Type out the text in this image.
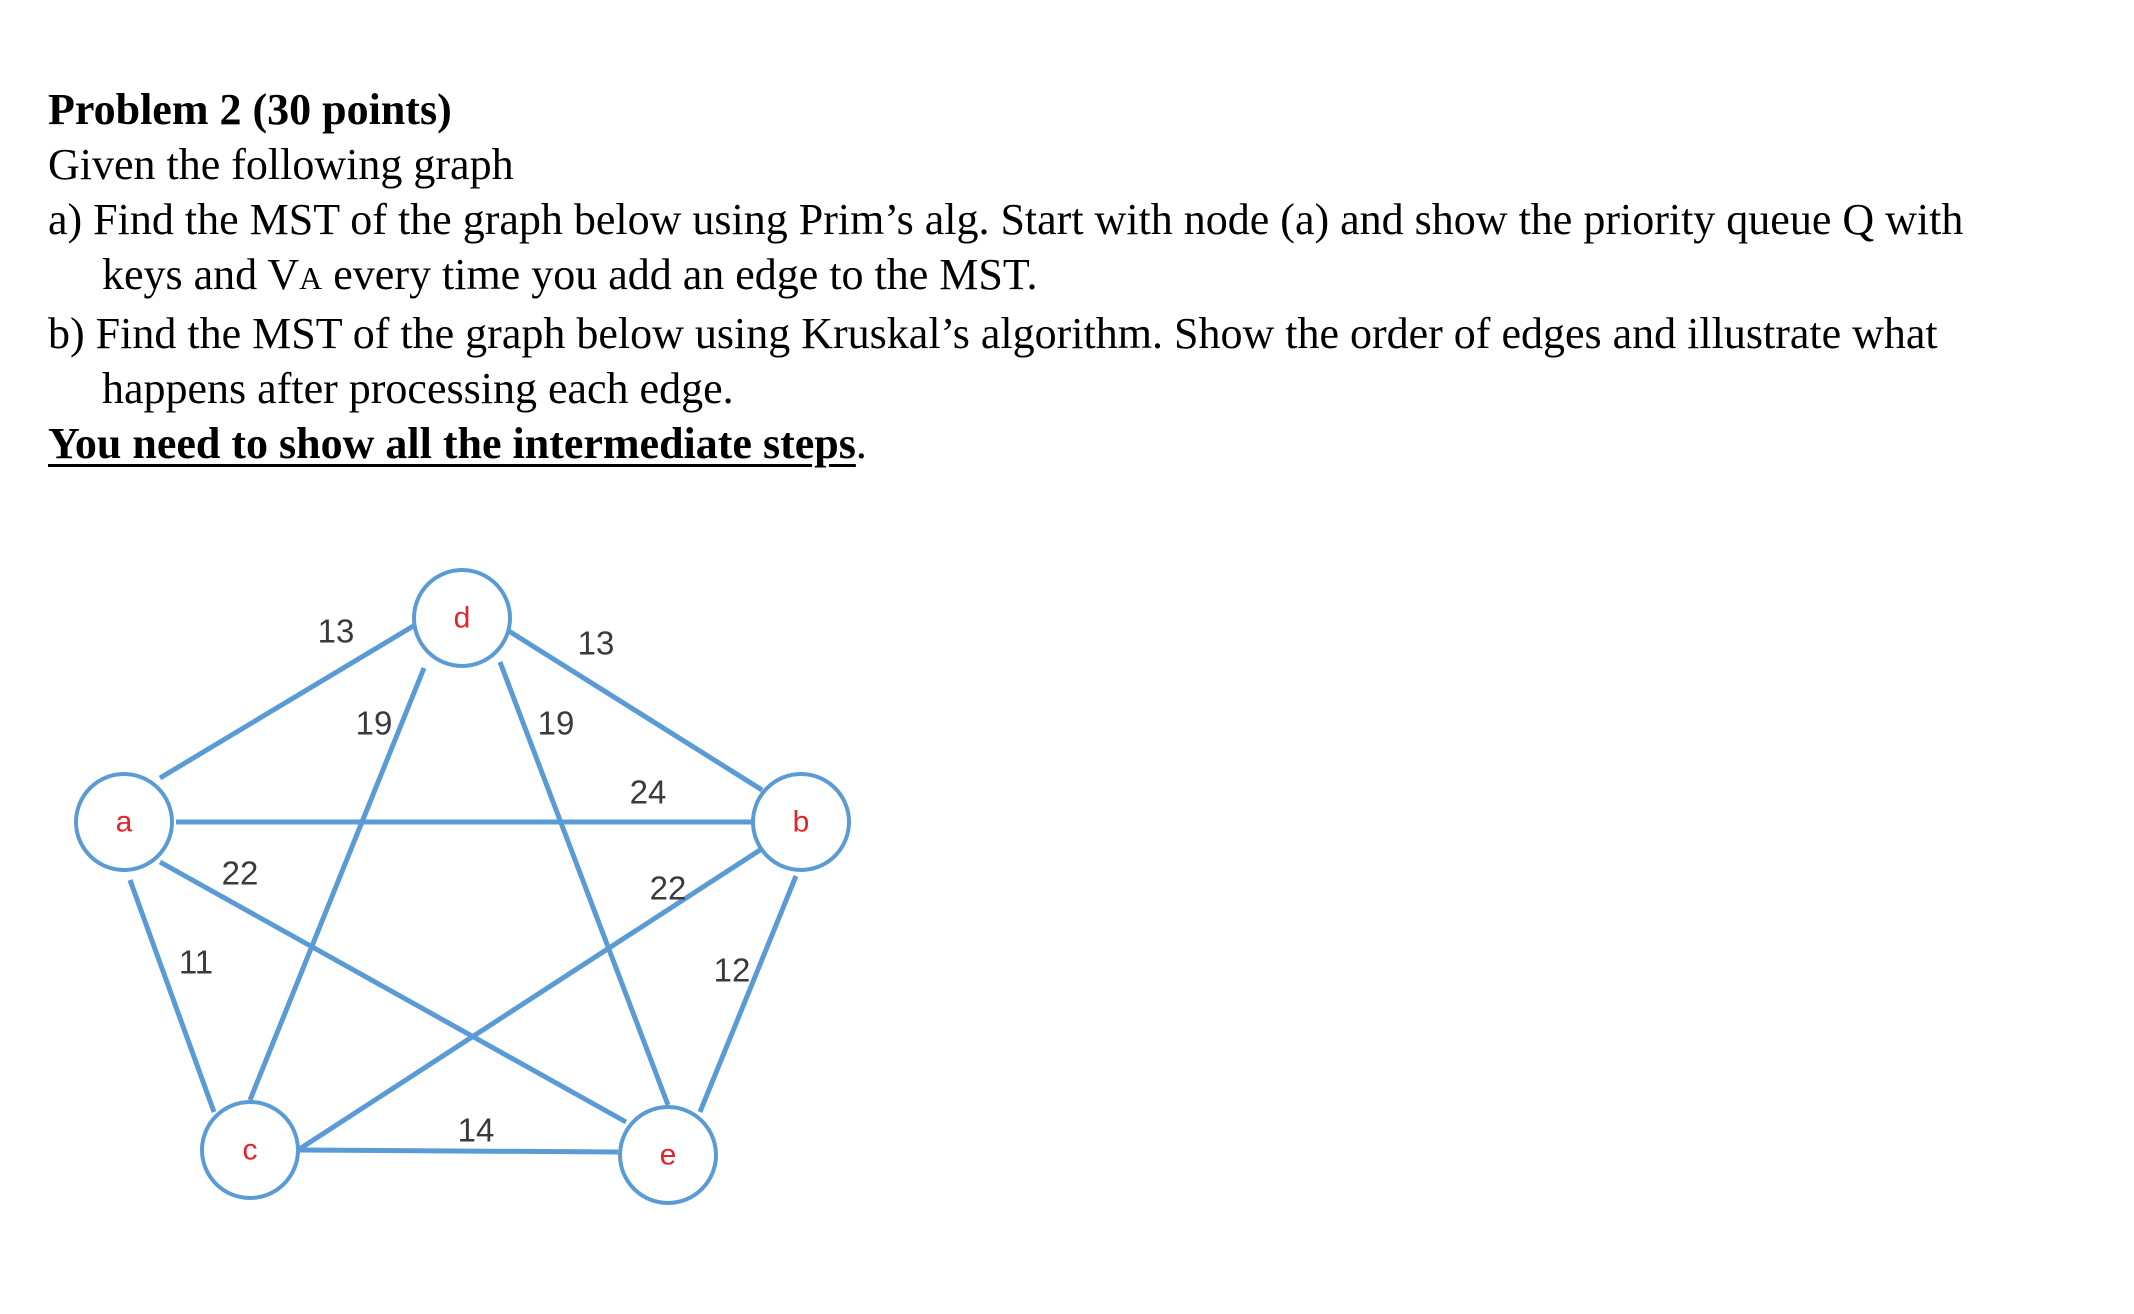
Problem 2 (30 points)
Given the following graph
a) Find the MST of the graph below using Prim’s alg. Start with node (a) and show the priority queue Q with
keys and VA every time you add an edge to the MST.
b) Find the MST of the graph below using Kruskal’s algorithm. Show the order of edges and illustrate what
happens after processing each edge.
You need to show all the intermediate steps.
a	b
c
d
e
13	13
19	19
24
22	22
11	12
14
